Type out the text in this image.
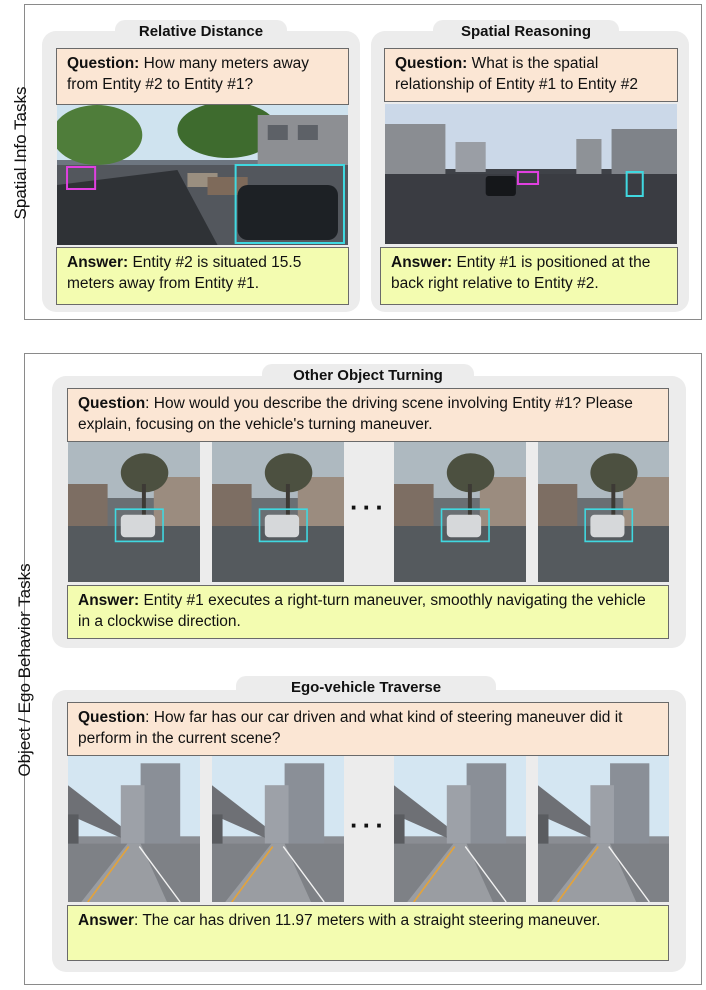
Spatial Info Tasks
Relative Distance
Question: How many meters away from Entity #2 to Entity #1?
Answer: Entity #2 is situated 15.5 meters away from Entity #1.
Spatial Reasoning
Question: What is the spatial relationship of Entity #1 to Entity #2
Answer: Entity #1 is positioned at the back right relative to Entity #2.
Object / Ego Behavior Tasks
Other Object Turning
Question: How would you describe the driving scene involving Entity #1? Please explain, focusing on the vehicle's turning maneuver.
···
Answer: Entity #1 executes a right-turn maneuver, smoothly navigating the vehicle in a clockwise direction.
Ego-vehicle Traverse
Question: How far has our car driven and what kind of steering maneuver did it perform in the current scene?
···
Answer: The car has driven 11.97 meters with a straight steering maneuver.
